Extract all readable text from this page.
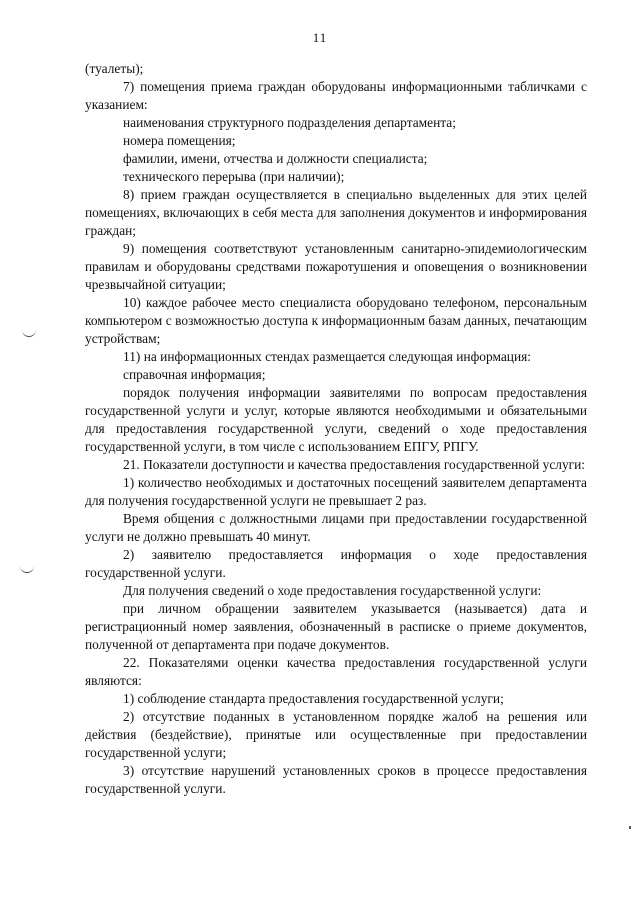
11

(туалеты);

7) помещения приема граждан оборудованы информационными табличками с указанием:

наименования структурного подразделения департамента;

номера помещения;

фамилии, имени, отчества и должности специалиста;

технического перерыва (при наличии);

8) прием граждан осуществляется в специально выделенных для этих целей помещениях, включающих в себя места для заполнения документов и информирования граждан;

9) помещения соответствуют установленным санитарно-эпидемиологическим правилам и оборудованы средствами пожаротушения и оповещения о возникновении чрезвычайной ситуации;

10) каждое рабочее место специалиста оборудовано телефоном, персональным компьютером с возможностью доступа к информационным базам данных, печатающим устройствам;

11) на информационных стендах размещается следующая информация:

справочная информация;

порядок получения информации заявителями по вопросам предоставления государственной услуги и услуг, которые являются необходимыми и обязательными для предоставления государственной услуги, сведений о ходе предоставления государственной услуги, в том числе с использованием ЕПГУ, РПГУ.

21. Показатели доступности и качества предоставления государственной услуги:

1) количество необходимых и достаточных посещений заявителем департамента для получения государственной услуги не превышает 2 раз.

Время общения с должностными лицами при предоставлении государственной услуги не должно превышать 40 минут.

2) заявителю предоставляется информация о ходе предоставления государственной услуги.

Для получения сведений о ходе предоставления государственной услуги:

при личном обращении заявителем указывается (называется) дата и регистрационный номер заявления, обозначенный в расписке о приеме документов, полученной от департамента при подаче документов.

22. Показателями оценки качества предоставления государственной услуги являются:

1) соблюдение стандарта предоставления государственной услуги;

2) отсутствие поданных в установленном порядке жалоб на решения или действия (бездействие), принятые или осуществленные при предоставлении государственной услуги;

3) отсутствие нарушений установленных сроков в процессе предоставления государственной услуги.
